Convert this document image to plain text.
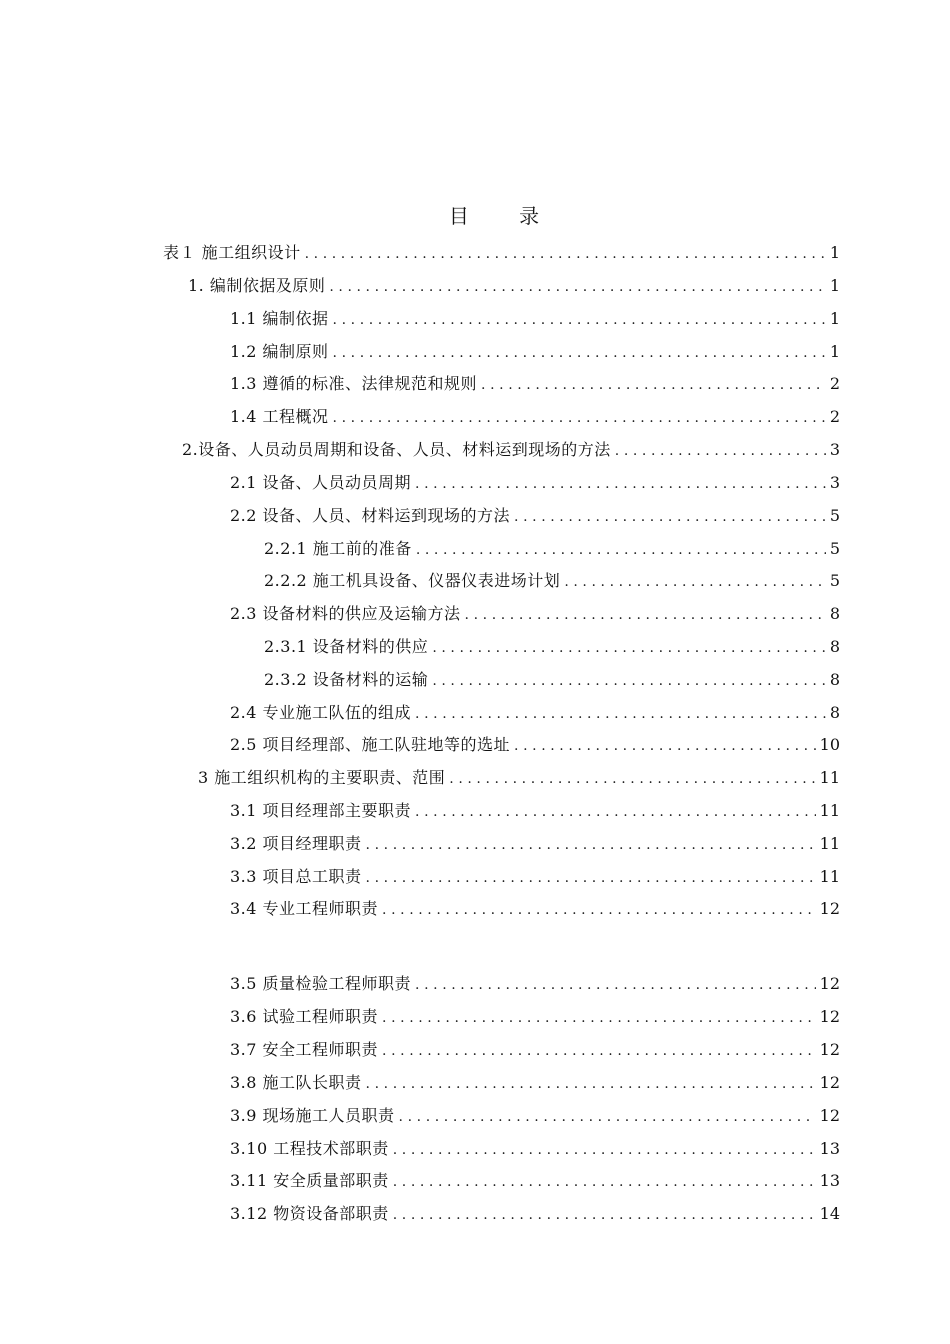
目 录
表１ 施工组织设计 .....	1
1. 编制依据及原则 .....	1
1.1 编制依据 .....	1
1.2 编制原则 .....	1
1.3 遵循的标准、法律规范和规则 .....	2
1.4 工程概况 .....	2
2.设备、人员动员周期和设备、人员、材料运到现场的方法 .....	3
2.1 设备、人员动员周期 .....	3
2.2 设备、人员、材料运到现场的方法 .....	5
2.2.1 施工前的准备 .....	5
2.2.2 施工机具设备、仪器仪表进场计划 .....	5
2.3 设备材料的供应及运输方法 .....	8
2.3.1 设备材料的供应 .....	8
2.3.2 设备材料的运输 .....	8
2.4 专业施工队伍的组成 .....	8
2.5 项目经理部、施工队驻地等的选址 .....	10
3 施工组织机构的主要职责、范围 .....	11
3.1 项目经理部主要职责 .....	11
3.2 项目经理职责 .....	11
3.3 项目总工职责 .....	11
3.4 专业工程师职责 .....	12
3.5 质量检验工程师职责 .....	12
3.6 试验工程师职责 .....	12
3.7 安全工程师职责 .....	12
3.8 施工队长职责 .....	12
3.9 现场施工人员职责 .....	12
3.10 工程技术部职责 .....	13
3.11 安全质量部职责 .....	13
3.12 物资设备部职责 .....	14
